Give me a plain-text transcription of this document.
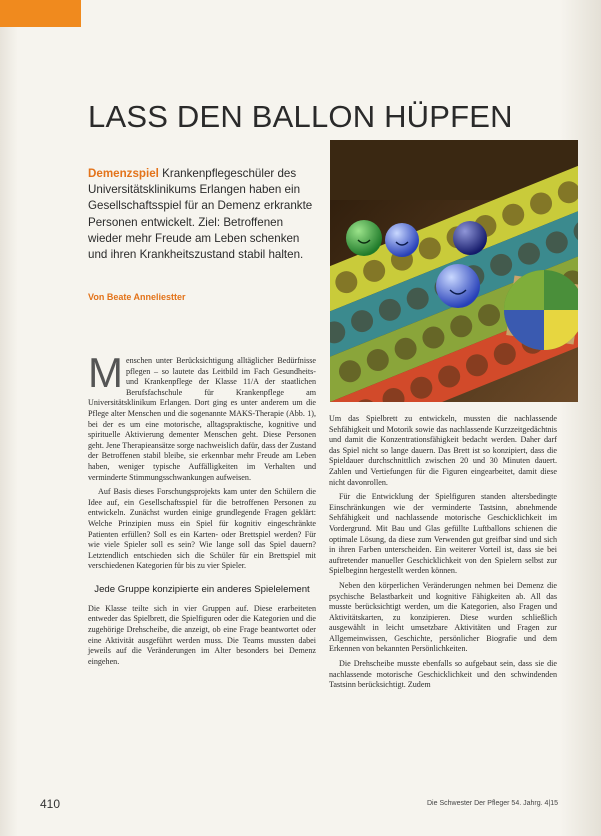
LASS DEN BALLON HÜPFEN
Demenzspiel Krankenpflegeschüler des Universitätsklinikums Erlangen haben ein Gesellschaftsspiel für an Demenz erkrankte Personen entwickelt. Ziel: Betroffenen wieder mehr Freude am Leben schenken und ihren Krankheitszustand stabil halten.
Von Beate Anneliestter

Menschen unter Berücksichtigung alltäglicher Bedürfnisse pflegen – so lautete das Leitbild im Fach Gesundheits- und Krankenpflege der Klasse 11/A der staatlichen Berufsfachschule für Krankenpflege am Universitätsklinikum Erlangen. Dort ging es unter anderem um die Pflege alter Menschen und die sogenannte MAKS-Therapie (Abb. 1), bei der es um eine motorische, alltagspraktische, kognitive und spirituelle Aktivierung dementer Menschen geht. Diese Personen geht. Jene Therapieansätze sorge nachweislich dafür, dass der Zustand der Betroffenen stabil bleibe, sie erkennbar mehr Freude am Leben haben, weniger typische Auffälligkeiten im Verhalten und verminderte Stimmungsschwankungen aufweisen.

Auf Basis dieses Forschungsprojekts kam unter den Schülern die Idee auf, ein Gesellschaftsspiel für die betroffenen Personen zu entwickeln. Zunächst wurden einige grundlegende Fragen geklärt: Welche Prinzipien muss ein Spiel für kognitiv eingeschränkte Patienten erfüllen? Soll es ein Karten- oder Brettspiel werden? Für wie viele Spieler soll es sein? Wie lange soll das Spiel dauern? Letztendlich entschieden sich die Schüler für ein Brettspiel mit verschiedenen Kategorien für bis zu vier Spieler.

Jede Gruppe konzipierte ein anderes Spielelement

Die Klasse teilte sich in vier Gruppen auf. Diese erarbeiteten entweder das Spielbrett, die Spielfiguren oder die Kategorien und die zugehörige Drehscheibe, die anzeigt, ob eine Frage beantwortet oder eine Aktivität ausgeführt werden muss. Die Teams mussten dabei jeweils auf die Veränderungen im Alter besonders bei Demenz eingehen.

Um das Spielbrett zu entwickeln, mussten die nachlassende Sehfähigkeit und Motorik sowie das nachlassende Kurzzeitgedächtnis und damit die Konzentrationsfähigkeit bedacht werden. Daher darf das Spiel nicht so lange dauern. Das Brett ist so konzipiert, dass die Spieldauer durchschnittlich zwischen 20 und 30 Minuten dauert. Zahlen und Vertiefungen für die Figuren eingearbeitet, damit diese nicht davonrollen.

Für die Entwicklung der Spielfiguren standen altersbedingte Einschränkungen wie der verminderte Tastsinn, abnehmende Sehfähigkeit und nachlassende motorische Geschicklichkeit im Vordergrund. Mit Bau und Glas gefüllte Luftballons schienen die optimale Lösung, da diese zum Verwenden gut greifbar sind und sich in ihren Farben unterscheiden. Ein weiterer Vorteil ist, dass sie bei auftretender manueller Geschicklichkeit von den Spielern selbst zur Spielbeginn hergestellt werden können.

Neben den körperlichen Veränderungen nehmen bei Demenz die psychische Belastbarkeit und kognitive Fähigkeiten ab. All das musste berücksichtigt werden, um die Kategorien, also Fragen und Aktivitätskarten, zu konzipieren. Diese wurden schließlich ausgewählt in leicht umsetzbare Aktivitäten und Fragen zur Allgemeinwissen, Geschichte, persönlicher Biografie und dem Erkennen von bekannten Persönlichkeiten.

Die Drehscheibe musste ebenfalls so aufgebaut sein, dass sie die nachlassende motorische Geschicklichkeit und den schwindenden Tastsinn berücksichtigt. Zudem

410	Die Schwester Der Pfleger 54. Jahrg. 4|15
